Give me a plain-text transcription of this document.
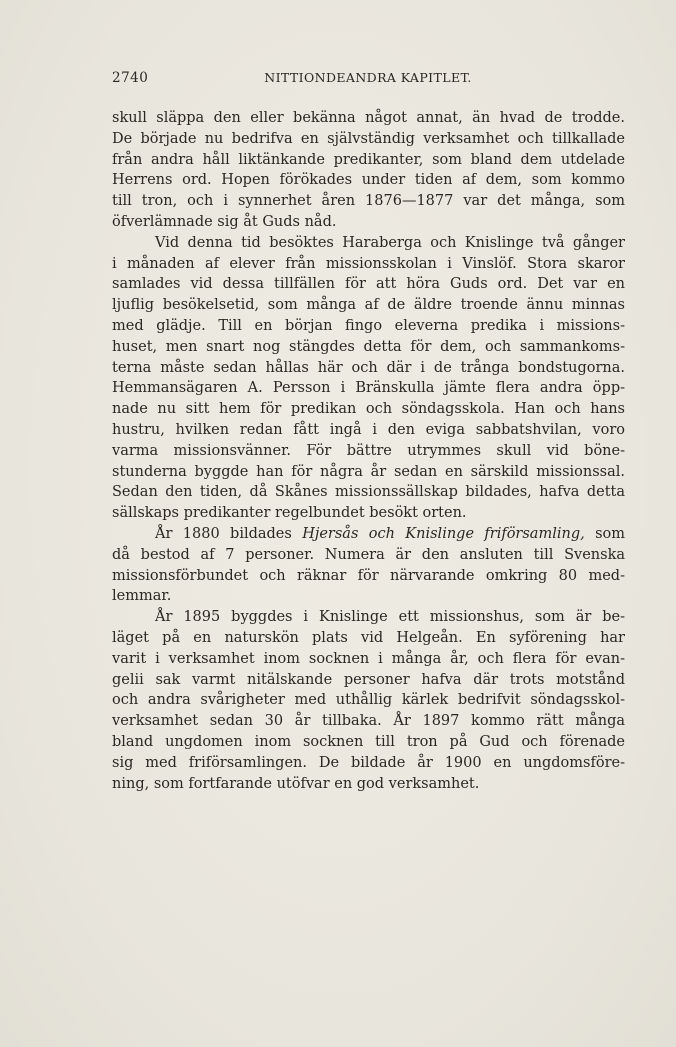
2740	NITTIONDEANDRA KAPITLET.
skull släppa den eller bekänna något annat, än hvad de trodde.
De började nu bedrifva en självständig verksamhet och tillkallade
från andra håll liktänkande predikanter, som bland dem utdelade
Herrens ord. Hopen förökades under tiden af dem, som kommo
till tron, och i synnerhet åren 1876—1877 var det många, som
öfverlämnade sig åt Guds nåd.
Vid denna tid besöktes Haraberga och Knislinge två gånger
i månaden af elever från missionsskolan i Vinslöf. Stora skaror
samlades vid dessa tillfällen för att höra Guds ord. Det var en
ljuflig besökelsetid, som många af de äldre troende ännu minnas
med glädje. Till en början fingo eleverna predika i missions-
huset, men snart nog stängdes detta för dem, och sammankoms-
terna måste sedan hållas här och där i de trånga bondstugorna.
Hemmansägaren A. Persson i Bränskulla jämte flera andra öpp-
nade nu sitt hem för predikan och söndagsskola. Han och hans
hustru, hvilken redan fått ingå i den eviga sabbatshvilan, voro
varma missionsvänner. För bättre utrymmes skull vid böne-
stunderna byggde han för några år sedan en särskild missionssal.
Sedan den tiden, då Skånes missionssällskap bildades, hafva detta
sällskaps predikanter regelbundet besökt orten.
År 1880 bildades Hjersås och Knislinge friförsamling, som
då bestod af 7 personer. Numera är den ansluten till Svenska
missionsförbundet och räknar för närvarande omkring 80 med-
lemmar.
År 1895 byggdes i Knislinge ett missionshus, som är be-
läget på en naturskön plats vid Helgeån. En syförening har
varit i verksamhet inom socknen i många år, och flera för evan-
gelii sak varmt nitälskande personer hafva där trots motstånd
och andra svårigheter med uthållig kärlek bedrifvit söndagsskol-
verksamhet sedan 30 år tillbaka. År 1897 kommo rätt många
bland ungdomen inom socknen till tron på Gud och förenade
sig med friförsamlingen. De bildade år 1900 en ungdomsföre-
ning, som fortfarande utöfvar en god verksamhet.
